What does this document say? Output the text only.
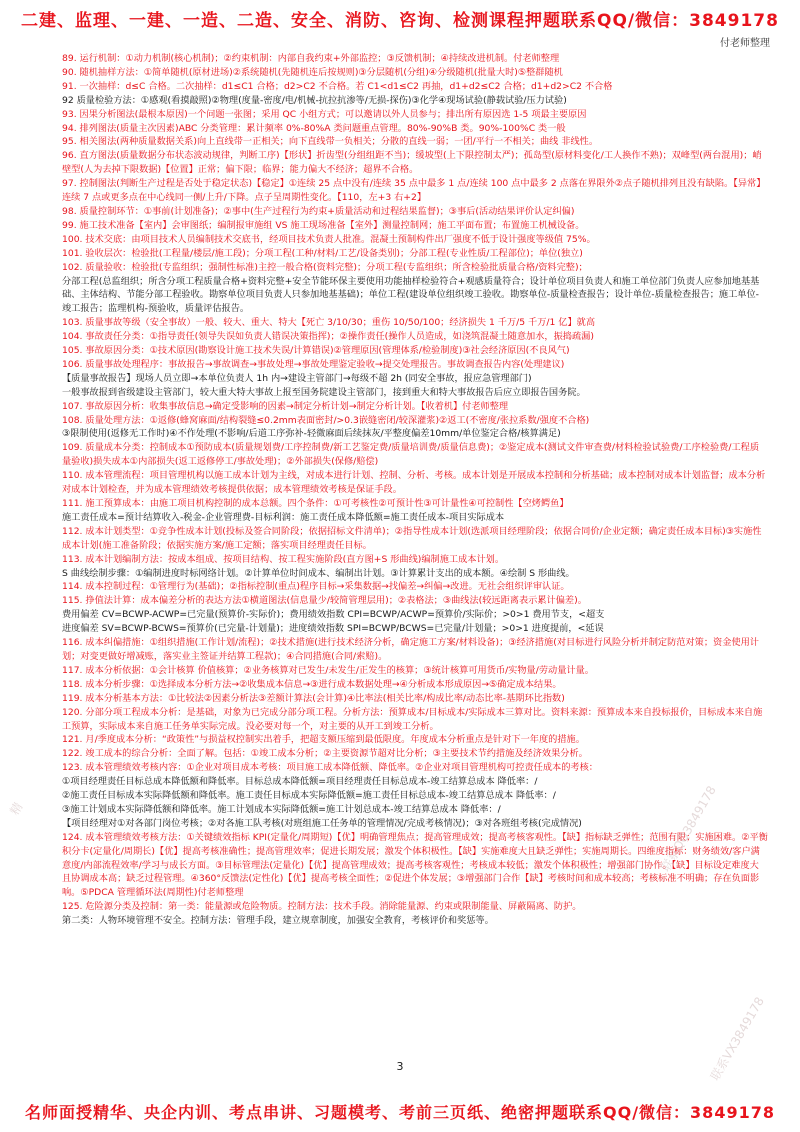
二建、监理、一建、一造、二造、安全、消防、咨询、检测课程押题联系QQ/微信：3849178
付老师整理
89. 运行机制：①动力机制(核心机制)；②约束机制：内部自我约束+外部监控；③反馈机制；④持续改进机制。付老师整理
90. 随机抽样方法：①简单随机(原材进场)②系统随机(先随机连后按规则)③分层随机(分组)④分级随机(批量大时)⑤整群随机
91. 一次抽样：d≤C 合格。二次抽样：d1≤C1 合格；d2>C2 不合格。若 C1<d1≤C2 再抽，d1+d2≤C2 合格；d1+d2>C2 不合格
92 质量检验方法：①感观(看摸敲照)②物理(度量-密度/电/机械-抗拉抗渗等/无损-探伤)③化学④现场试验(静载试验/压力试验)
93. 因果分析图法(最根本原因)一个问题一张图；采用 QC 小组方式；可以邀请以外人员参与；排出所有原因选 1-5 项最主要原因
94. 排列图法(质量主次因素)ABC 分类管理：累计频率 0%-80%A 类问题重点管理。80%-90%B 类。90%-100%C 类一般
95. 相关图法(两种质量数据关系)向上直线带一正相关；向下直线带一负相关；分散的直线一弱；一团/平行一不相关；曲线 非线性。
96. 直方图法(质量数据分布状态波动规律，判断工序)【形状】折齿型(分组组距不当)；缓坡型(上下限控制太严)；孤岛型(原材料变化/工人换作不熟)；双峰型(两台混用)；峭壁型(人为去掉下限数据)【位置】正常；偏下限；临界；能力偏大不经济；超界不合格。
97. 控制图法(判断生产过程是否处于稳定状态)【稳定】①连续 25 点中没有/连续 35 点中最多 1 点/连续 100 点中最多 2 点落在界限外②点子随机排列且没有缺陷。【异常】连续 7 点或更多点在中心线同一侧/上升/下降。点子呈周期性变化。【110，左+3 右+2】
98. 质量控制环节：①事前(计划准备)；②事中(生产过程行为约束+质量活动和过程结果监督)；③事后(活动结果评价认定纠偏)
99. 施工技术准备【室内】会审图纸；编制报审施组 VS 施工现场准备【室外】测量控制网；施工平面布置；布置施工机械设备。
100. 技术交底：由项目技术人员编制技术交底书，经项目技术负责人批准。混凝土预制构件出厂强度不低于设计强度等级值 75%。
101. 验收层次：检验批(工程量/楼层/施工段)；分项工程(工种/材料/工艺/设备类别)；分部工程(专业性质/工程部位)；单位(独立)
102. 质量验收：检验批(专监组织；强制性标准)主控一般合格(资料完整)；分项工程(专监组织；所含检验批质量合格/资料完整)；
分部工程(总监组织；所含分项工程质量合格+资料完整+安全节能环保主要使用功能抽样检验符合+观感质量符合；设计单位项目负责人和施工单位部门负责人应参加地基基础、主体结构、节能分部工程验收。勘察单位项目负责人只参加地基基础)；单位工程(建设单位组织竣工验收。勘察单位-质量检查报告；设计单位-质量检查报告；施工单位-竣工报告；监理机构-预验收，质量评估报告。
103. 质量事故等级（安全事故）一般、较大、重大、特大【死亡 3/10/30；重伤 10/50/100；经济损失 1 千万/5 千万/1 亿】就高
104. 事故责任分类：①指导责任(领导失误如负责人错误决策指挥)；②操作责任(操作人员造成，如浇筑混凝土随意加水，振捣疏漏)
105. 事故原因分类：①技术原因(勘察设计施工技术失误/计算错误)②管理原因(管理体系/检验制度)③社会经济原因(不良风气)
106. 质量事故处理程序：事故报告→事故调查→事故处理→事故处理鉴定验收→提交处理报告。事故调查报告内容(处理建议)
【质量事故报告】现场人员立即→本单位负责人 1h 内→建设主管部门→每级不超 2h (同安全事故，报应急管理部门)
一般事故报到省级建设主管部门，较大重大特大事故上报至国务院建设主管部门，接到重大和特大事故报告后应立即报告国务院。
107. 事故原因分析：收集事故信息→确定受影响的因素→制定分析计划→制定分析计划。【收着机】付老师整理
108. 质量处理方法：①返修(蜂窝麻面/结构裂缝≤0.2mm表面密封/>0.3嵌缝密闭/较深灌浆)②返工(不密度/张拉系数/强度不合格)
③限制使用(返修无工作时)④不作处理(不影响/后道工序弥补-轻微麻面后续抹灰/平整度偏差10mm/单位鉴定合格/核算满足)
109. 质量成本分类：控制成本①预防成本(质量规划费/工序控制费/新工艺鉴定费/质量培训费/质量信息费)；②鉴定成本(测试文件审查费/材料检验试验费/工序检验费/工程质量验收)损失成本①内部损失(返工返修停工/事故处理)；②外部损失(保修/赔偿)
110. 成本管理流程：项目管理机构以施工成本计划为主线，对成本进行计划、控制、分析、考核。成本计划是开展成本控制和分析基础；成本控制对成本计划监督；成本分析对成本计划检查，并为成本管理绩效考核提供依据；成本管理绩效考核是保证手段。
111. 施工预算成本：由施工项目机构控制的成本总额。四个条件：①可考核性②可预计性③可计量性④可控制性【空烤鳄鱼】
施工责任成本=预计结算收入-税金-企业管理费-目标利润：施工责任成本降低额=施工责任成本-项目实际成本
112. 成本计划类型：①竞争性成本计划(投标及签合同阶段；依据招标文件清单)；②指导性成本计划(选派项目经理阶段；依据合同价/企业定额；确定责任成本目标)③实施性成本计划(施工准备阶段；依据实施方案/施工定额；落实项目经理责任目标。
113. 成本计划编制方法：按成本组成、按项目结构、按工程实施阶段(直方图+S 形曲线)编制施工成本计划。
S 曲线绘制步骤：①编制进度时标网络计划。②计算单位时间成本、编制出计划。③计算累计支出的成本额。④绘制 S 形曲线。
114. 成本控制过程：①管理行为(基础)；②指标控制(重点)程序目标→采集数据→找偏差→纠偏→改进。无社会组织评审认证。
115. 挣值法计算：成本偏差分析的表达方法①横道图法(信息量少/较简管理层用)；②表格法；③曲线法(较远距离表示累计偏差)。
费用偏差 CV=BCWP-ACWP=已完量(预算价-实际价)；费用绩效指数 CPI=BCWP/ACWP=预算价/实际价；>0>1 费用节支，<超支
进度偏差 SV=BCWP-BCWS=预算价(已完量-计划量)；进度绩效指数 SPI=BCWP/BCWS=已完量/计划量；>0>1 进度提前，<延误
116. 成本纠偏措施：①组织措施(工作计划/流程)；②技术措施(进行技术经济分析，确定施工方案/材料设备)；③经济措施(对目标进行风险分析并制定防范对策；资金使用计划；对变更做好增减账，落实业主签证并结算工程款)；④合同措施(合同/索赔)。
117. 成本分析依据：①会计核算 价值核算；②业务核算对已发生/未发生/正发生的核算；③统计核算可用货币/实物量/劳动量计量。
118. 成本分析步骤：①选择成本分析方法→②收集成本信息→③进行成本数据处理→④分析成本形成原因→⑤确定成本结果。
119. 成本分析基本方法：①比较法②因素分析法③差额计算法(会计算)④比率法(相关比率/构成比率/动态比率-基期环比指数)
120. 分部分项工程成本分析：是基础，对象为已完成分部分项工程。分析方法：预算成本/目标成本/实际成本三算对比。资料来源：预算成本来自投标报价，目标成本来自施工预算，实际成本来自施工任务单实际完成。没必要对每一个，对主要的从开工到竣工分析。
121. 月/季度成本分析：“政策性”与损益权控制实出着手，把超支额压缩到最低限度。年度成本分析重点是针对下一年度的措施。
122. 竣工成本的综合分析：全面了解。包括：①竣工成本分析；②主要资源节超对比分析；③主要技术节约措施及经济效果分析。
123. 成本管理绩效考核内容：①企业对项目成本考核：项目施工成本降低额、降低率。②企业对项目管理机构可控责任成本的考核：
①项目经理责任目标总成本降低额和降低率。目标总成本降低额=项目经理责任目标总成本-竣工结算总成本 降低率：/
②施工责任目标成本实际降低额和降低率。施工责任目标成本实际降低额=施工责任目标总成本-竣工结算总成本 降低率：/
③施工计划成本实际降低额和降低率。施工计划成本实际降低额=施工计划总成本-竣工结算总成本 降低率：/
【项目经理对①对各部门岗位考核；②对各施工队考核(对班组施工任务单的管理情况/完成考核情况)；③对各班组考核(完成情况)
124. 成本管理绩效考核方法：①关键绩效指标 KPI(定量化/周期短)【优】明确管理焦点；提高管理成效；提高考核客观性。【缺】指标缺乏弹性；范围有限；实施困难。②平衡积分卡(定量化/周期长)【优】提高考核准确性；提高管理效率；促进长期发展；激发个体积极性。【缺】实施难度大且缺乏弹性；实施周期长。四维度指标：财务绩效/客户满意度/内部流程效率/学习与成长方面。③目标管理法(定量化)【优】提高管理成效；提高考核客观性；考核成本较低；激发个体积极性；增强部门协作。【缺】目标设定难度大且协调成本高；缺乏过程管理。④360°反馈法(定性化)【优】提高考核全面性；②促进个体发展；③增强部门合作【缺】考核时间和成本较高；考核标准不明确；存在负面影响。⑤PDCA 管理循环法(周期性)付老师整理
125. 危险源分类及控制：第一类：能量源或危险物质。控制方法：技术手段。消除能量源、约束或限制能量、屏蔽隔离、防护。
第二类：人物环境管理不安全。控制方法：管理手段，建立规章制度，加强安全教育，考核评价和奖惩等。
3
名师面授精华、央企内训、考点串讲、习题模考、考前三页纸、绝密押题联系QQ/微信：3849178
精	联系QQ3849178
联系VX3849178
